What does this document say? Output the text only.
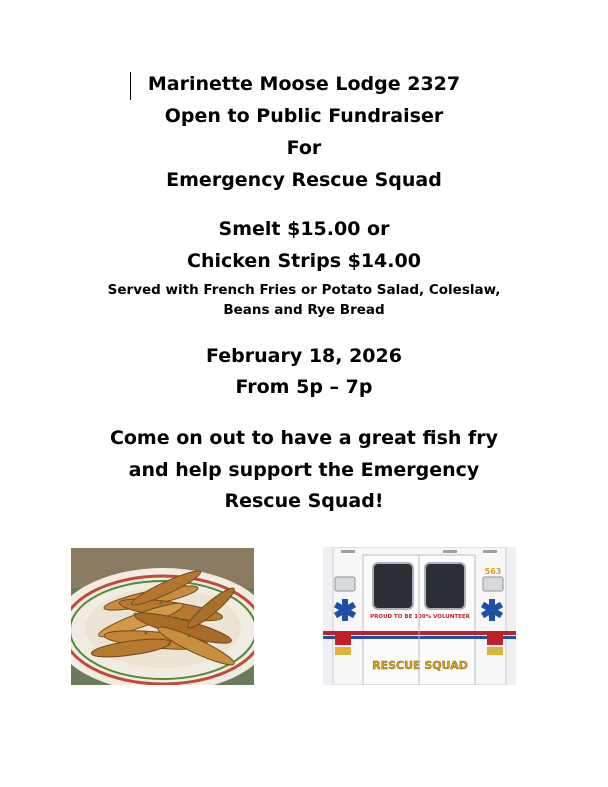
Marinette Moose Lodge 2327
Open to Public Fundraiser
For
Emergency Rescue Squad
Smelt $15.00 or
Chicken Strips $14.00
Served with French Fries or Potato Salad, Coleslaw,
Beans and Rye Bread
February 18, 2026
From 5p – 7p
Come on out to have a great fish fry
and help support the Emergency
Rescue Squad!
563
PROUD TO BE 100% VOLUNTEER
RESCUE SQUAD
